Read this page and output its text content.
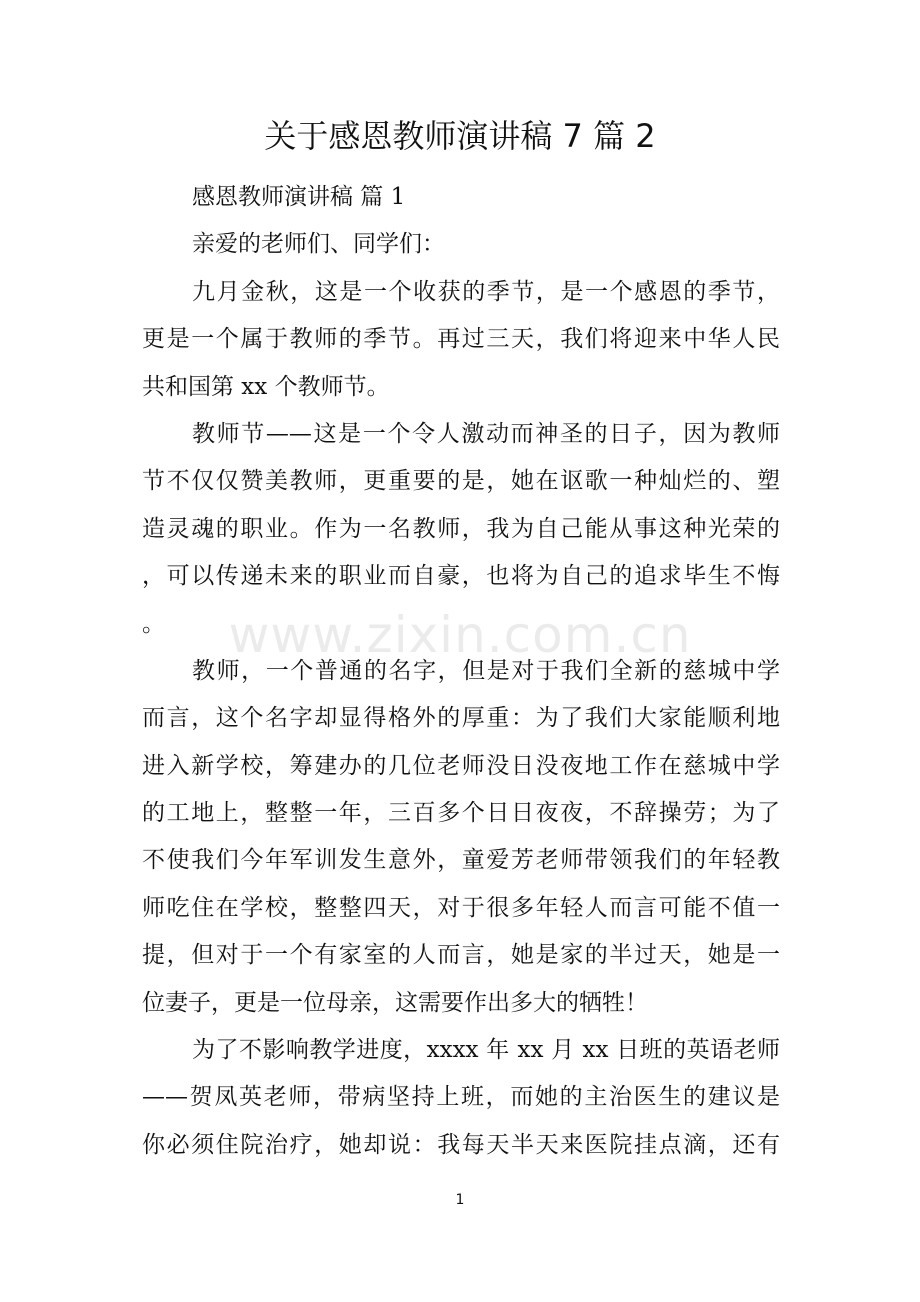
关于感恩教师演讲稿 7 篇 2
感恩教师演讲稿 篇 1
亲爱的老师们、同学们：
九月金秋，这是一个收获的季节，是一个感恩的季节，
更是一个属于教师的季节。再过三天，我们将迎来中华人民
共和国第 xx 个教师节。
教师节——这是一个令人激动而神圣的日子，因为教师
节不仅仅赞美教师，更重要的是，她在讴歌一种灿烂的、塑
造灵魂的职业。作为一名教师，我为自己能从事这种光荣的
，可以传递未来的职业而自豪，也将为自己的追求毕生不悔
。
教师，一个普通的名字，但是对于我们全新的慈城中学
而言，这个名字却显得格外的厚重：为了我们大家能顺利地
进入新学校，筹建办的几位老师没日没夜地工作在慈城中学
的工地上，整整一年，三百多个日日夜夜，不辞操劳；为了
不使我们今年军训发生意外，童爱芳老师带领我们的年轻教
师吃住在学校，整整四天，对于很多年轻人而言可能不值一
提，但对于一个有家室的人而言，她是家的半过天，她是一
位妻子，更是一位母亲，这需要作出多大的牺牲！
为了不影响教学进度，xxxx 年 xx 月 xx 日班的英语老师
——贺凤英老师，带病坚持上班，而她的主治医生的建议是
你必须住院治疗，她却说：我每天半天来医院挂点滴，还有
www.zixin.com.cn
1
